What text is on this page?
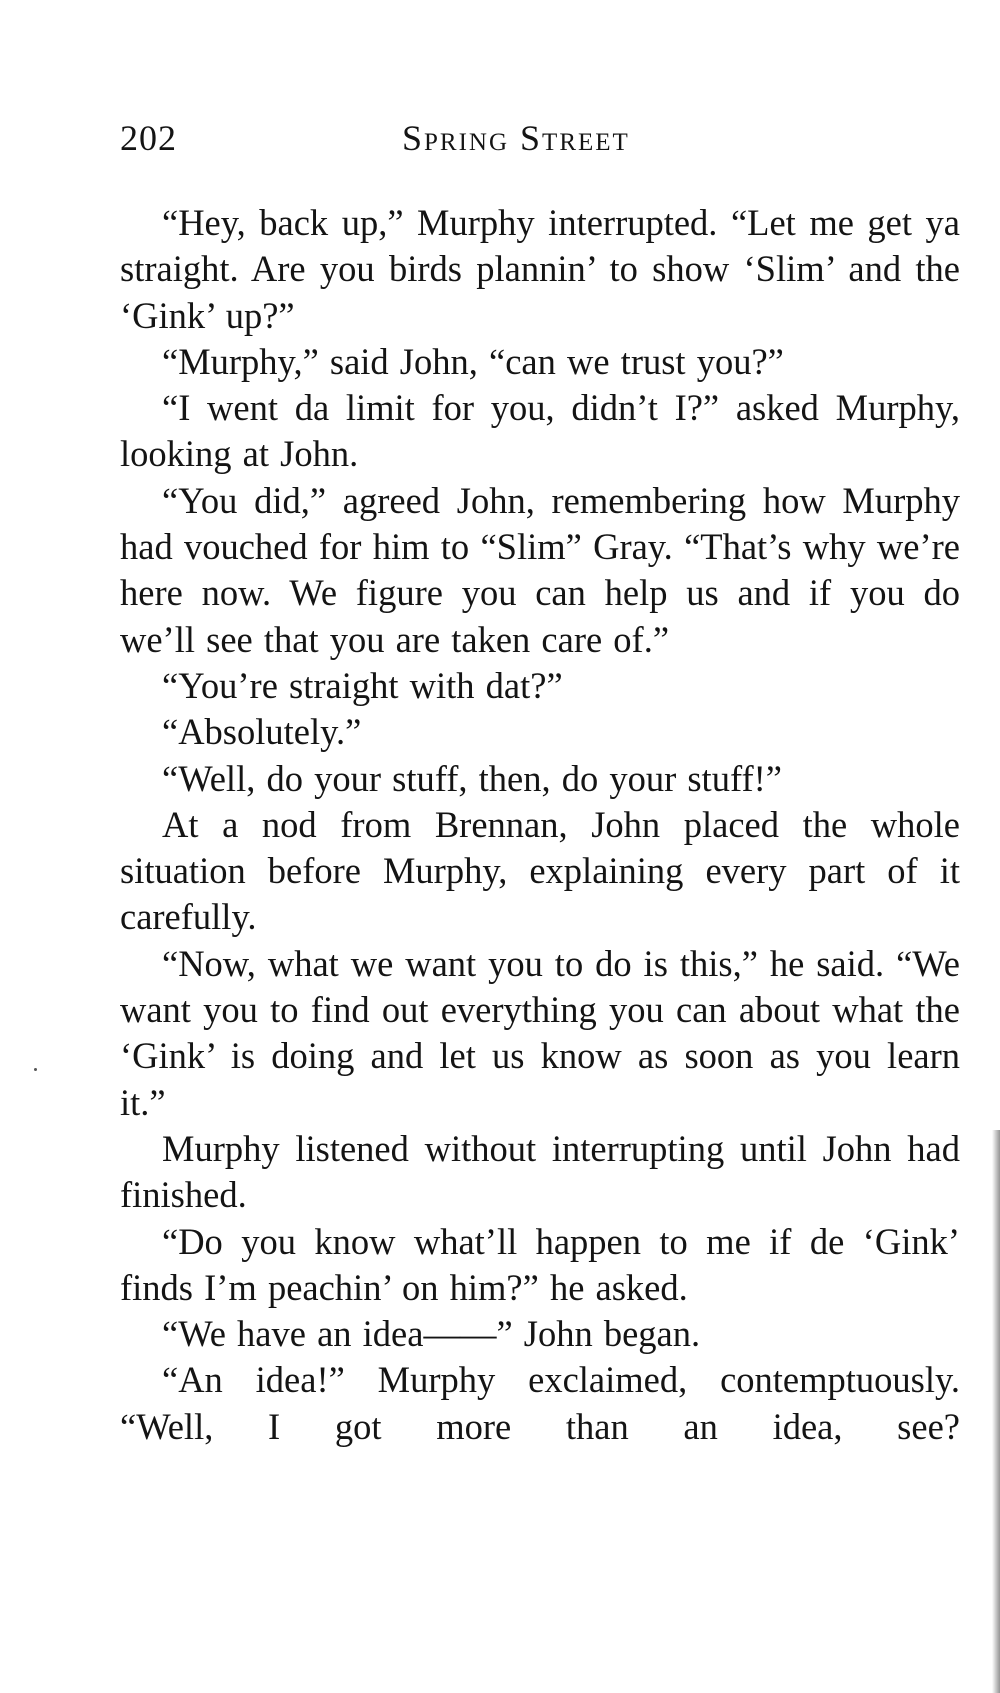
202	Spring Street

“Hey, back up,” Murphy interrupted. “Let me get ya straight. Are you birds plannin’ to show ‘Slim’ and the ‘Gink’ up?”

“Murphy,” said John, “can we trust you?”

“I went da limit for you, didn’t I?” asked Murphy, looking at John.

“You did,” agreed John, remembering how Murphy had vouched for him to “Slim” Gray. “That’s why we’re here now. We figure you can help us and if you do we’ll see that you are taken care of.”

“You’re straight with dat?”

“Absolutely.”

“Well, do your stuff, then, do your stuff!”

At a nod from Brennan, John placed the whole situation before Murphy, explaining every part of it carefully.

“Now, what we want you to do is this,” he said. “We want you to find out everything you can about what the ‘Gink’ is doing and let us know as soon as you learn it.”

Murphy listened without interrupting until John had finished.

“Do you know what’ll happen to me if de ‘Gink’ finds I’m peachin’ on him?” he asked.

“We have an idea——” John began.

“An idea!” Murphy exclaimed, contemptuously. “Well, I got more than an idea, see?
